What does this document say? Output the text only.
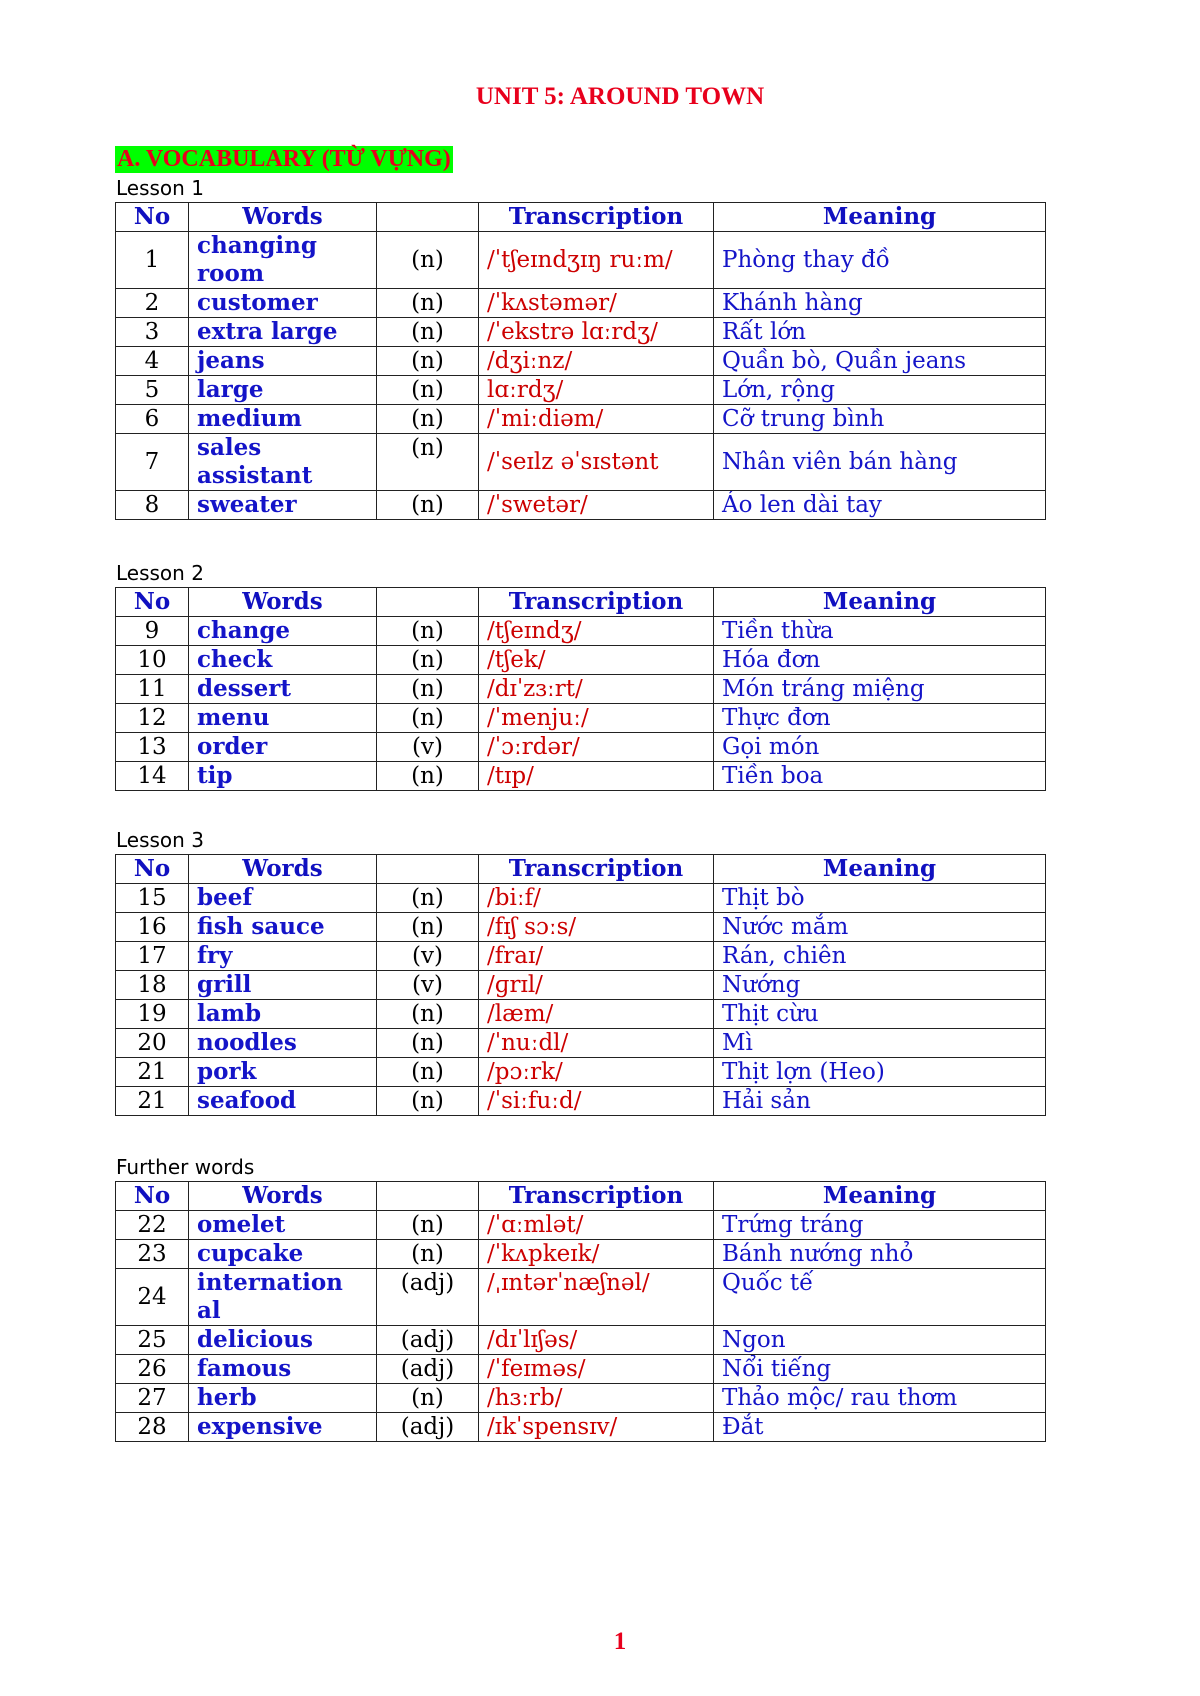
UNIT 5: AROUND TOWN
A. VOCABULARY (TỪ VỰNG)
Lesson 1
No	Words		Transcription	Meaning
1	changing room	(n)	/ˈtʃeɪndʒɪŋ ruːm/	Phòng thay đồ
2	customer	(n)	/ˈkʌstəmər/	Khánh hàng
3	extra large	(n)	/ˈekstrə lɑːrdʒ/	Rất lớn
4	jeans	(n)	/dʒiːnz/	Quần bò, Quần jeans
5	large	(n)	lɑːrdʒ/	Lớn, rộng
6	medium	(n)	/ˈmiːdiəm/	Cỡ trung bình
7	sales assistant	(n)	/ˈseɪlz əˈsɪstənt	Nhân viên bán hàng
8	sweater	(n)	/ˈswetər/	Áo len dài tay
Lesson 2
No	Words		Transcription	Meaning
9	change	(n)	/tʃeɪndʒ/	Tiền thừa
10	check	(n)	/tʃek/	Hóa đơn
11	dessert	(n)	/dɪˈzɜːrt/	Món tráng miệng
12	menu	(n)	/ˈmenjuː/	Thực đơn
13	order	(v)	/ˈɔːrdər/	Gọi món
14	tip	(n)	/tɪp/	Tiền boa
Lesson 3
No	Words		Transcription	Meaning
15	beef	(n)	/biːf/	Thịt bò
16	fish sauce	(n)	/fɪʃ sɔːs/	Nước mắm
17	fry	(v)	/fraɪ/	Rán, chiên
18	grill	(v)	/ɡrɪl/	Nướng
19	lamb	(n)	/læm/	Thịt cừu
20	noodles	(n)	/ˈnuːdl/	Mì
21	pork	(n)	/pɔːrk/	Thịt lợn (Heo)
21	seafood	(n)	/ˈsiːfuːd/	Hải sản
Further words
No	Words		Transcription	Meaning
22	omelet	(n)	/ˈɑːmlət/	Trứng tráng
23	cupcake	(n)	/ˈkʌpkeɪk/	Bánh nướng nhỏ
24	internation al	(adj)	/ˌɪntərˈnæʃnəl/	Quốc tế
25	delicious	(adj)	/dɪˈlɪʃəs/	Ngon
26	famous	(adj)	/ˈfeɪməs/	Nổi tiếng
27	herb	(n)	/hɜːrb/	Thảo mộc/ rau thơm
28	expensive	(adj)	/ɪkˈspensɪv/	Đắt
1
